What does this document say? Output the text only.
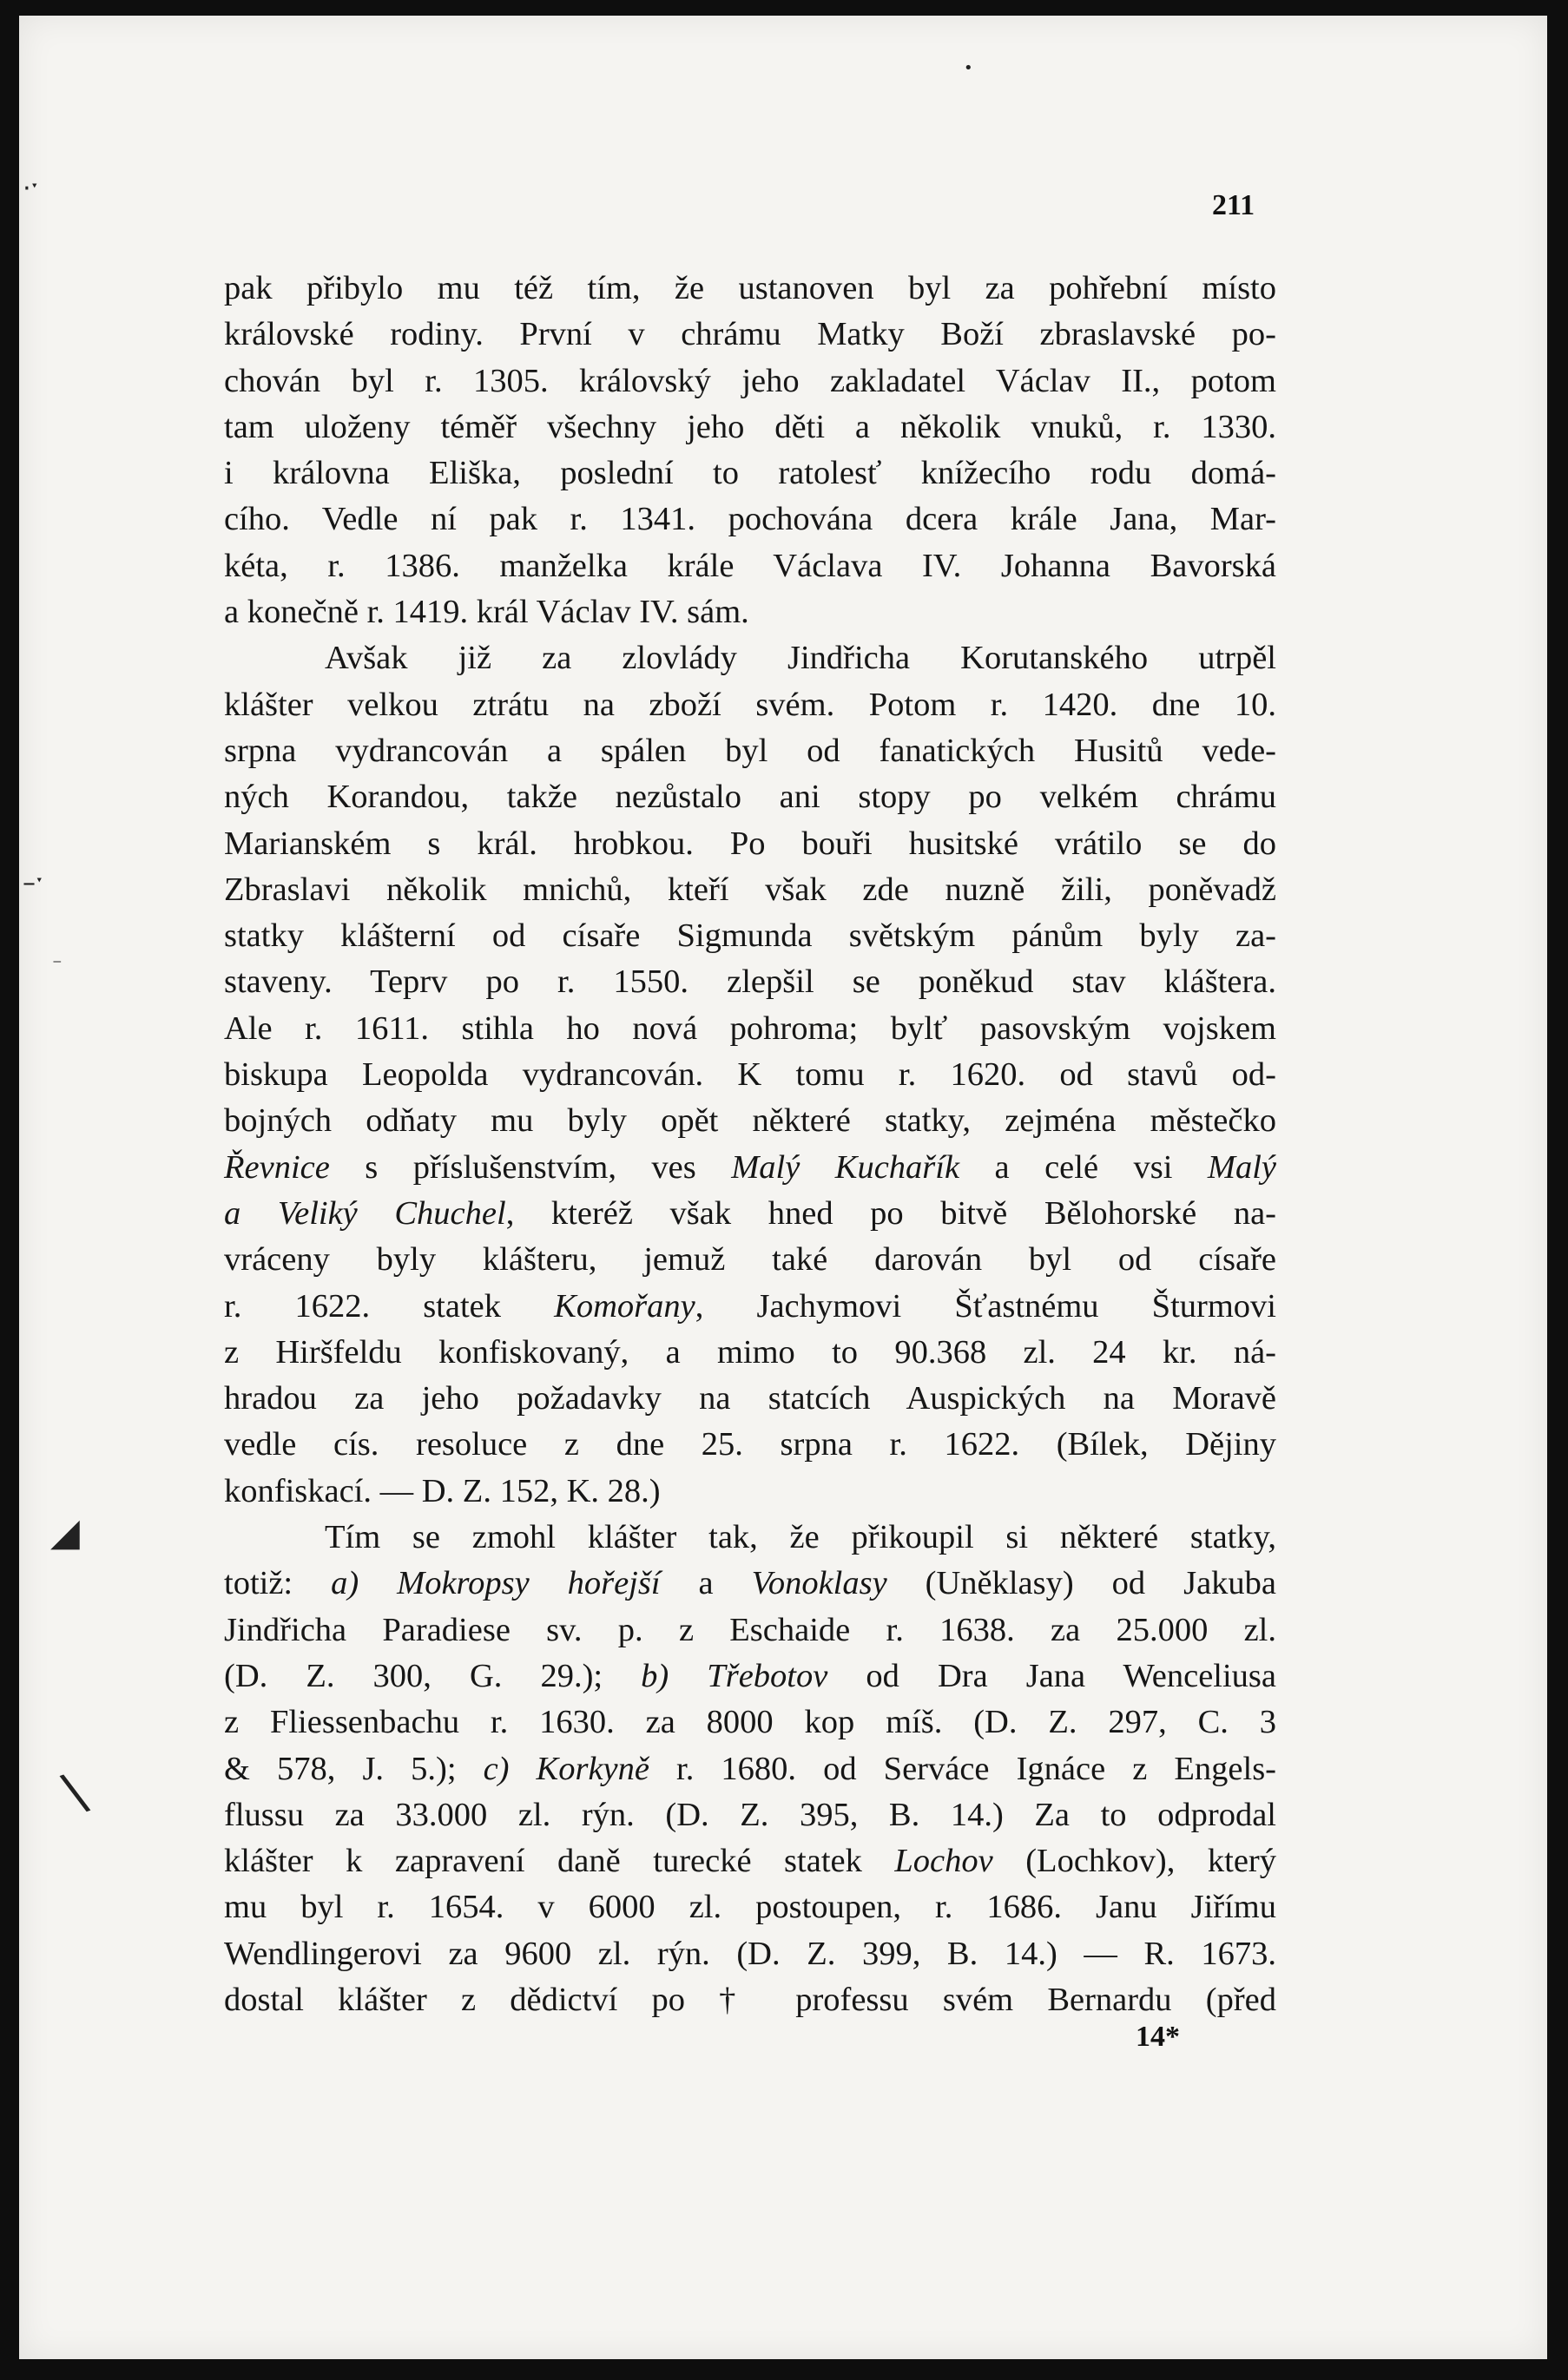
⋅ˑ
–ˑ
⁻
◢
\
•
211
pak přibylo mu též tím, že ustanoven byl za pohřební místo
královské rodiny. První v chrámu Matky Boží zbraslavské po-
chován byl r. 1305. královský jeho zakladatel Václav II., potom
tam uloženy téměř všechny jeho děti a několik vnuků, r. 1330.
i královna Eliška, poslední to ratolesť knížecího rodu domá-
cího. Vedle ní pak r. 1341. pochována dcera krále Jana, Mar-
kéta, r. 1386. manželka krále Václava IV. Johanna Bavorská
a konečně r. 1419. král Václav IV. sám.
Avšak již za zlovlády Jindřicha Korutanského utrpěl
klášter velkou ztrátu na zboží svém. Potom r. 1420. dne 10.
srpna vydrancován a spálen byl od fanatických Husitů vede-
ných Korandou, takže nezůstalo ani stopy po velkém chrámu
Marianském s král. hrobkou. Po bouři husitské vrátilo se do
Zbraslavi několik mnichů, kteří však zde nuzně žili, poněvadž
statky klášterní od císaře Sigmunda světským pánům byly za-
staveny. Teprv po r. 1550. zlepšil se poněkud stav kláštera.
Ale r. 1611. stihla ho nová pohroma; bylť pasovským vojskem
biskupa Leopolda vydrancován. K tomu r. 1620. od stavů od-
bojných odňaty mu byly opět některé statky, zejména městečko
Řevnice s příslušenstvím, ves Malý Kuchařík a celé vsi Malý
a Veliký Chuchel, kteréž však hned po bitvě Bělohorské na-
vráceny byly klášteru, jemuž také darován byl od císaře
r. 1622. statek Komořany, Jachymovi Šťastnému Šturmovi
z Hiršfeldu konfiskovaný, a mimo to 90.368 zl. 24 kr. ná-
hradou za jeho požadavky na statcích Auspických na Moravě
vedle cís. resoluce z dne 25. srpna r. 1622. (Bílek, Dějiny
konfiskací. — D. Z. 152, K. 28.)
Tím se zmohl klášter tak, že přikoupil si některé statky,
totiž: a) Mokropsy hořejší a Vonoklasy (Uněklasy) od Jakuba
Jindřicha Paradiese sv. p. z Eschaide r. 1638. za 25.000 zl.
(D. Z. 300, G. 29.); b) Třebotov od Dra Jana Wenceliusa
z Fliessenbachu r. 1630. za 8000 kop míš. (D. Z. 297, C. 3
& 578, J. 5.); c) Korkyně r. 1680. od Serváce Ignáce z Engels-
flussu za 33.000 zl. rýn. (D. Z. 395, B. 14.) Za to odprodal
klášter k zapravení daně turecké statek Lochov (Lochkov), který
mu byl r. 1654. v 6000 zl. postoupen, r. 1686. Janu Jiřímu
Wendlingerovi za 9600 zl. rýn. (D. Z. 399, B. 14.) — R. 1673.
dostal klášter z dědictví po † professu svém Bernardu (před
14*
